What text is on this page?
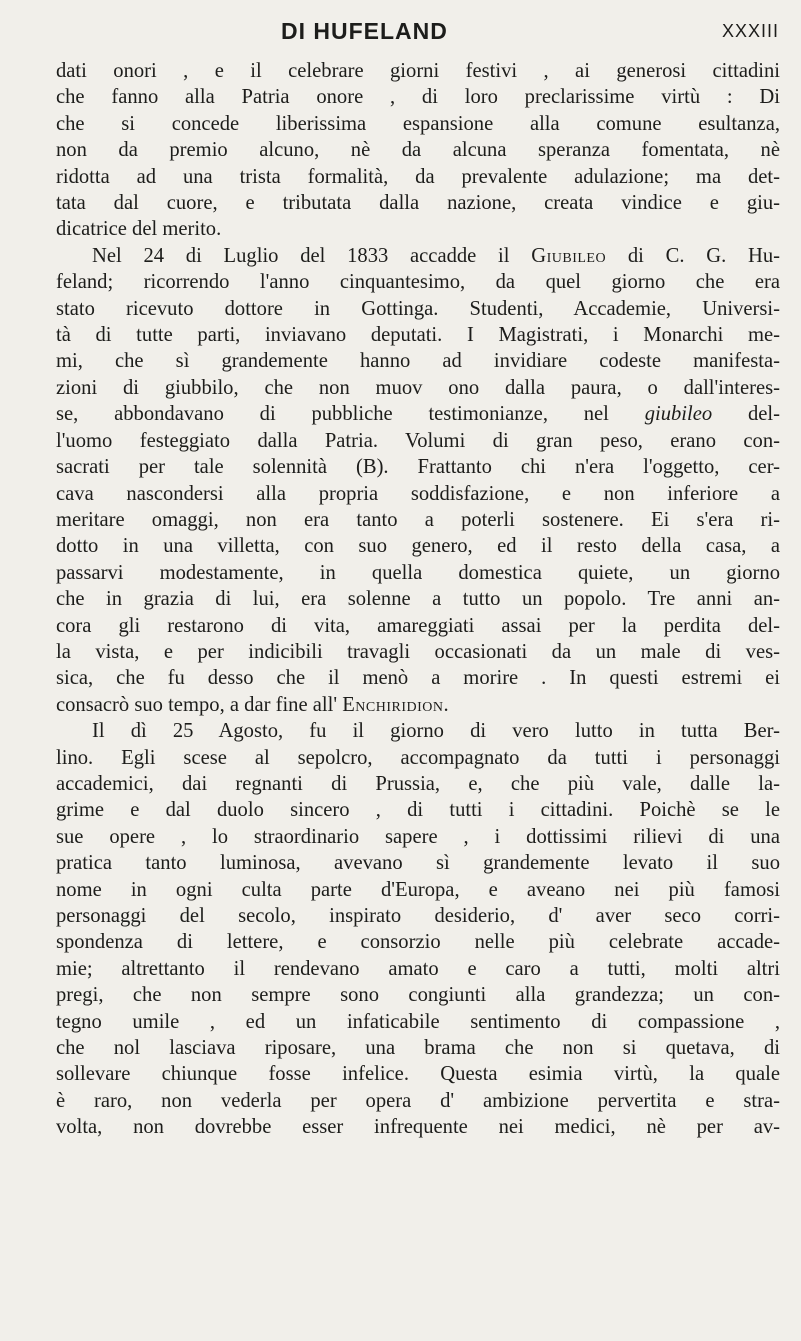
DI HUFELAND	XXXIII
dati onori , e il celebrare giorni festivi , ai generosi cittadini
che fanno alla Patria onore , di loro preclarissime virtù : Di
che si concede liberissima espansione alla comune esultanza,
non da premio alcuno, nè da alcuna speranza fomentata, nè
ridotta ad una trista formalità, da prevalente adulazione; ma det-
tata dal cuore, e tributata dalla nazione, creata vindice e giu-
dicatrice del merito.
Nel 24 di Luglio del 1833 accadde il Giubileo di C. G. Hu-
feland; ricorrendo l'anno cinquantesimo, da quel giorno che era
stato ricevuto dottore in Gottinga. Studenti, Accademie, Universi-
tà di tutte parti, inviavano deputati. I Magistrati, i Monarchi me-
mi, che sì grandemente hanno ad invidiare codeste manifesta-
zioni di giubbilo, che non muov ono dalla paura, o dall'interes-
se, abbondavano di pubbliche testimonianze, nel giubileo del-
l'uomo festeggiato dalla Patria. Volumi di gran peso, erano con-
sacrati per tale solennità (B). Frattanto chi n'era l'oggetto, cer-
cava nascondersi alla propria soddisfazione, e non inferiore a
meritare omaggi, non era tanto a poterli sostenere. Ei s'era ri-
dotto in una villetta, con suo genero, ed il resto della casa, a
passarvi modestamente, in quella domestica quiete, un giorno
che in grazia di lui, era solenne a tutto un popolo. Tre anni an-
cora gli restarono di vita, amareggiati assai per la perdita del-
la vista, e per indicibili travagli occasionati da un male di ves-
sica, che fu desso che il menò a morire . In questi estremi ei
consacrò suo tempo, a dar fine all' Enchiridion.
Il dì 25 Agosto, fu il giorno di vero lutto in tutta Ber-
lino. Egli scese al sepolcro, accompagnato da tutti i personaggi
accademici, dai regnanti di Prussia, e, che più vale, dalle la-
grime e dal duolo sincero , di tutti i cittadini. Poichè se le
sue opere , lo straordinario sapere , i dottissimi rilievi di una
pratica tanto luminosa, avevano sì grandemente levato il suo
nome in ogni culta parte d'Europa, e aveano nei più famosi
personaggi del secolo, inspirato desiderio, d' aver seco corri-
spondenza di lettere, e consorzio nelle più celebrate accade-
mie; altrettanto il rendevano amato e caro a tutti, molti altri
pregi, che non sempre sono congiunti alla grandezza; un con-
tegno umile , ed un infaticabile sentimento di compassione ,
che nol lasciava riposare, una brama che non si quetava, di
sollevare chiunque fosse infelice. Questa esimia virtù, la quale
è raro, non vederla per opera d' ambizione pervertita e stra-
volta, non dovrebbe esser infrequente nei medici, nè per av-
